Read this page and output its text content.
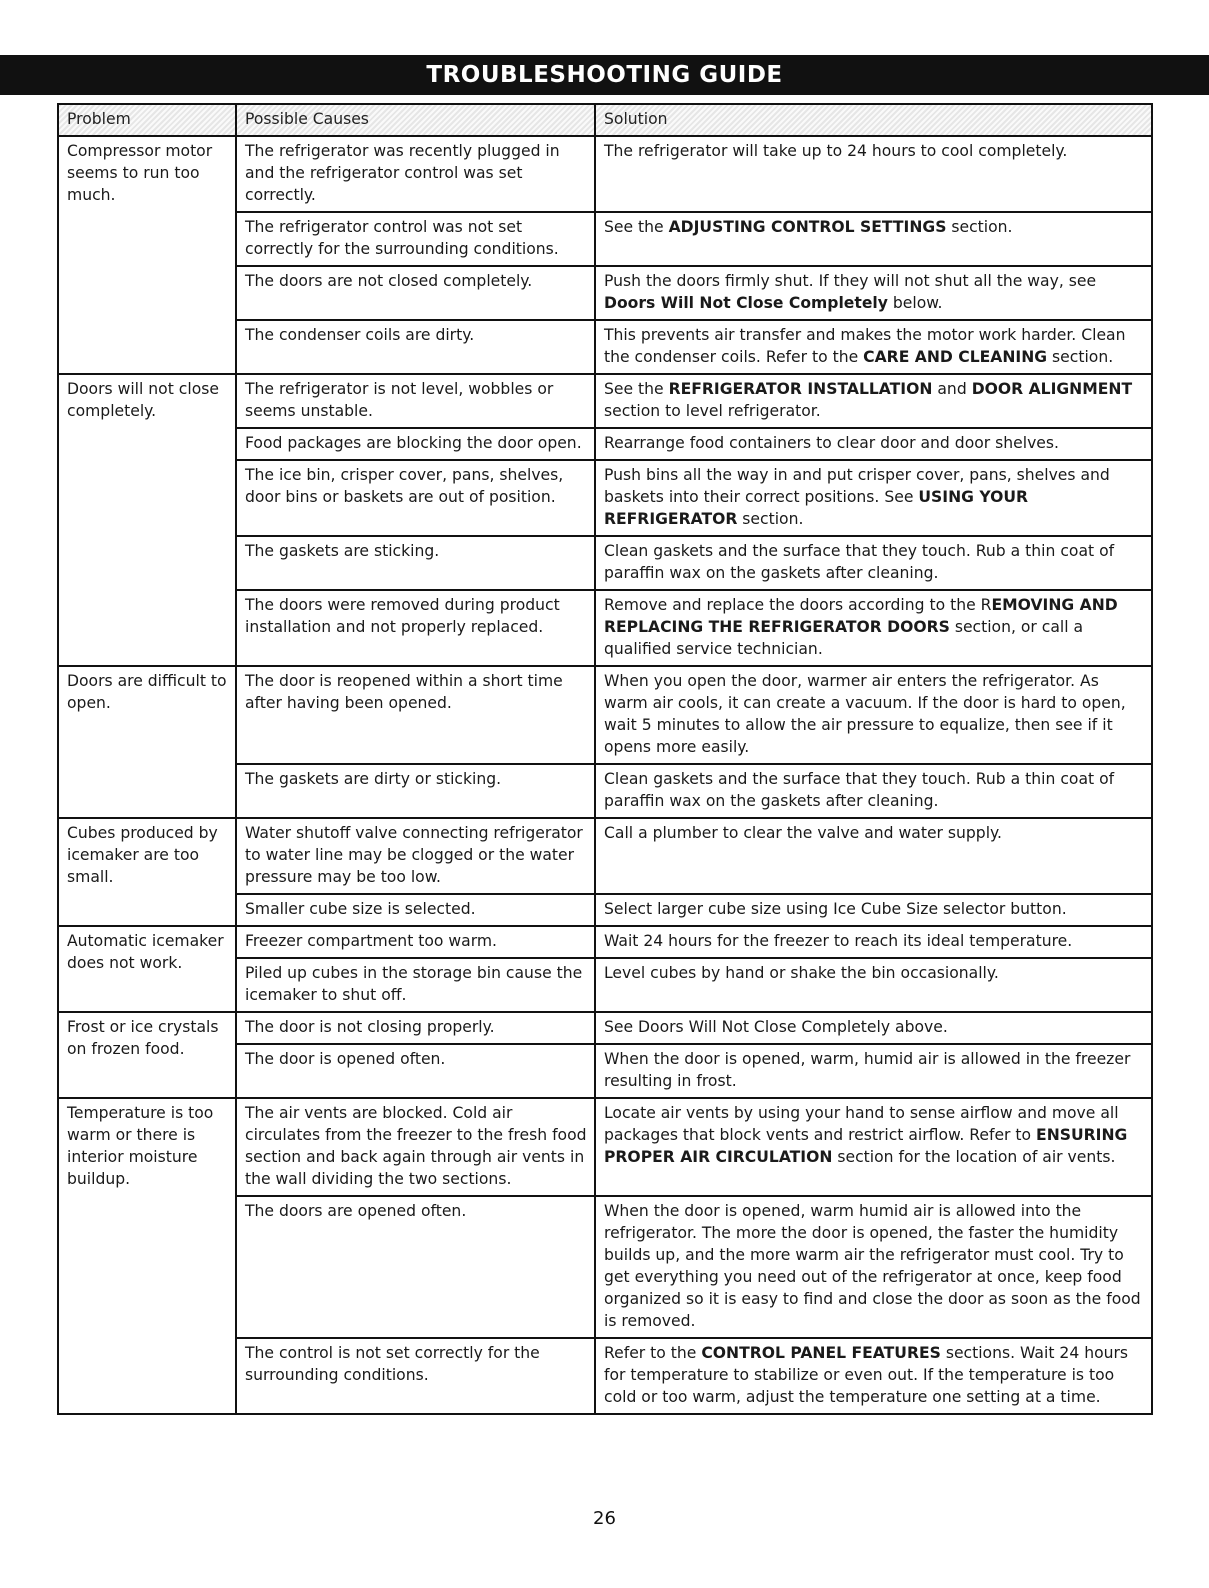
TROUBLESHOOTING GUIDE
Problem	Possible Causes	Solution
Compressor motor seems to run too much.	The refrigerator was recently plugged in and the refrigerator control was set correctly.	The refrigerator will take up to 24 hours to cool completely.
	The refrigerator control was not set correctly for the surrounding conditions.	See the ADJUSTING CONTROL SETTINGS section.
	The doors are not closed completely.	Push the doors firmly shut. If they will not shut all the way, see Doors Will Not Close Completely below.
	The condenser coils are dirty.	This prevents air transfer and makes the motor work harder. Clean the condenser coils. Refer to the CARE AND CLEANING section.
Doors will not close completely.	The refrigerator is not level, wobbles or seems unstable.	See the REFRIGERATOR INSTALLATION and DOOR ALIGNMENT section to level refrigerator.
	Food packages are blocking the door open.	Rearrange food containers to clear door and door shelves.
	The ice bin, crisper cover, pans, shelves, door bins or baskets are out of position.	Push bins all the way in and put crisper cover, pans, shelves and baskets into their correct positions. See USING YOUR REFRIGERATOR section.
	The gaskets are sticking.	Clean gaskets and the surface that they touch. Rub a thin coat of paraffin wax on the gaskets after cleaning.
	The doors were removed during product installation and not properly replaced.	Remove and replace the doors according to the REMOVING AND REPLACING THE REFRIGERATOR DOORS section, or call a qualified service technician.
Doors are difficult to open.	The door is reopened within a short time after having been opened.	When you open the door, warmer air enters the refrigerator. As warm air cools, it can create a vacuum. If the door is hard to open, wait 5 minutes to allow the air pressure to equalize, then see if it opens more easily.
	The gaskets are dirty or sticking.	Clean gaskets and the surface that they touch. Rub a thin coat of paraffin wax on the gaskets after cleaning.
Cubes produced by icemaker are too small.	Water shutoff valve connecting refrigerator to water line may be clogged or the water pressure may be too low.	Call a plumber to clear the valve and water supply.
	Smaller cube size is selected.	Select larger cube size using Ice Cube Size selector button.
Automatic icemaker does not work.	Freezer compartment too warm.	Wait 24 hours for the freezer to reach its ideal temperature.
	Piled up cubes in the storage bin cause the icemaker to shut off.	Level cubes by hand or shake the bin occasionally.
Frost or ice crystals on frozen food.	The door is not closing properly.	See Doors Will Not Close Completely above.
	The door is opened often.	When the door is opened, warm, humid air is allowed in the freezer resulting in frost.
Temperature is too warm or there is interior moisture buildup.	The air vents are blocked. Cold air circulates from the freezer to the fresh food section and back again through air vents in the wall dividing the two sections.	Locate air vents by using your hand to sense airflow and move all packages that block vents and restrict airflow. Refer to ENSURING PROPER AIR CIRCULATION section for the location of air vents.
	The doors are opened often.	When the door is opened, warm humid air is allowed into the refrigerator. The more the door is opened, the faster the humidity builds up, and the more warm air the refrigerator must cool. Try to get everything you need out of the refrigerator at once, keep food organized so it is easy to find and close the door as soon as the food is removed.
	The control is not set correctly for the surrounding conditions.	Refer to the CONTROL PANEL FEATURES sections. Wait 24 hours for temperature to stabilize or even out. If the temperature is too cold or too warm, adjust the temperature one setting at a time.
26
